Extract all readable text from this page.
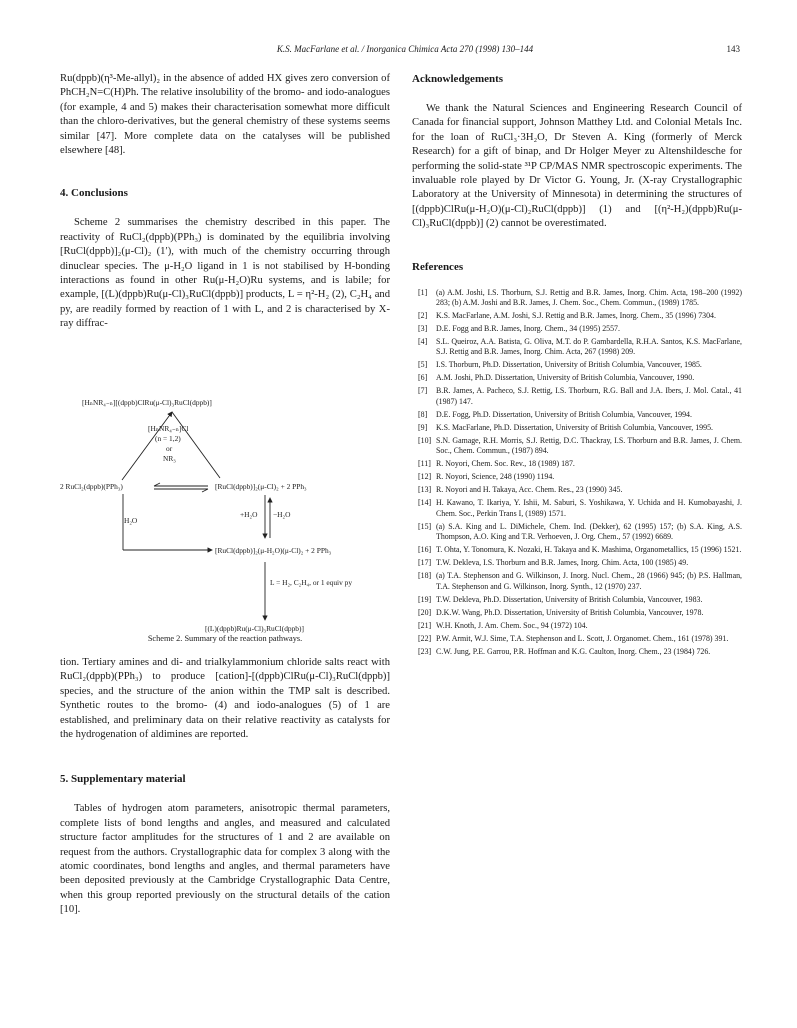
K.S. MacFarlane et al. / Inorganica Chimica Acta 270 (1998) 130–144	143

Ru(dppb)(η³-Me-allyl)₂ in the absence of added HX gives zero conversion of PhCH₂N=C(H)Ph. The relative insolubility of the bromo- and iodo-analogues (for example, 4 and 5) makes their characterisation somewhat more difficult than the chloro-derivatives, but the general chemistry of these systems seems similar [47]. More complete data on the catalyses will be published elsewhere [48].

4. Conclusions

Scheme 2 summarises the chemistry described in this paper. The reactivity of RuCl₂(dppb)(PPh₃) is dominated by the equilibria involving [RuCl(dppb)]₂(μ-Cl)₂ (1′), with much of the chemistry occurring through dinuclear species. The μ-H₂O ligand in 1 is not stabilised by H-bonding interactions as found in other Ru(μ-H₂O)Ru systems, and is labile; for example, [(L)(dppb)Ru(μ-Cl)₃RuCl(dppb)] products, L = η²-H₂ (2), C₂H₄ and py, are readily formed by reaction of 1 with L, and 2 is characterised by X-ray diffrac-

[HₙNR₄₋ₙ][(dppb)ClRu(μ-Cl)₃RuCl(dppb)]
[HₙNR₄₋ₙ]Cl
(n = 1,2)
or
NR₃
2 RuCl₂(dppb)(PPh₃)	[RuCl(dppb)]₂(μ-Cl)₂ + 2 PPh₃
H₂O
+H₂O −H₂O
[RuCl(dppb)]₂(μ-H₂O)(μ-Cl)₂ + 2 PPh₃
L = H₂, C₂H₄, or 1 equiv py
[(L)(dppb)Ru(μ-Cl)₃RuCl(dppb)]
Scheme 2. Summary of the reaction pathways.

tion. Tertiary amines and di- and trialkylammonium chloride salts react with RuCl₂(dppb)(PPh₃) to produce [cation]-[(dppb)ClRu(μ-Cl)₃RuCl(dppb)] species, and the structure of the anion within the TMP salt is described. Synthetic routes to the bromo- (4) and iodo-analogues (5) of 1 are established, and preliminary data on their relative reactivity as catalysts for the hydrogenation of aldimines are reported.

5. Supplementary material

Tables of hydrogen atom parameters, anisotropic thermal parameters, complete lists of bond lengths and angles, and measured and calculated structure factor amplitudes for the structures of 1 and 2 are available on request from the authors. Crystallographic data for complex 3 along with the atomic coordinates, bond lengths and angles, and thermal parameters have been deposited previously at the Cambridge Crystallographic Data Centre, when this group reported previously on the structural details of the cation [10].

Acknowledgements

We thank the Natural Sciences and Engineering Research Council of Canada for financial support, Johnson Matthey Ltd. and Colonial Metals Inc. for the loan of RuCl₃·3H₂O, Dr Steven A. King (formerly of Merck Research) for a gift of binap, and Dr Holger Meyer zu Altenshildesche for performing the solid-state ³¹P CP/MAS NMR spectroscopic experiments. The invaluable role played by Dr Victor G. Young, Jr. (X-ray Crystallographic Laboratory at the University of Minnesota) in determining the structures of [(dppb)ClRu(μ-H₂O)(μ-Cl)₂RuCl(dppb)] (1) and [(η²-H₂)(dppb)Ru(μ-Cl)₃RuCl(dppb)] (2) cannot be overestimated.

References
[1] (a) A.M. Joshi, I.S. Thorburn, S.J. Rettig and B.R. James, Inorg. Chim. Acta, 198–200 (1992) 283; (b) A.M. Joshi and B.R. James, J. Chem. Soc., Chem. Commun., (1989) 1785.
[2] K.S. MacFarlane, A.M. Joshi, S.J. Rettig and B.R. James, Inorg. Chem., 35 (1996) 7304.
[3] D.E. Fogg and B.R. James, Inorg. Chem., 34 (1995) 2557.
[4] S.L. Queiroz, A.A. Batista, G. Oliva, M.T. do P. Gambardella, R.H.A. Santos, K.S. MacFarlane, S.J. Rettig and B.R. James, Inorg. Chim. Acta, 267 (1998) 209.
[5] I.S. Thorburn, Ph.D. Dissertation, University of British Columbia, Vancouver, 1985.
[6] A.M. Joshi, Ph.D. Dissertation, University of British Columbia, Vancouver, 1990.
[7] B.R. James, A. Pacheco, S.J. Rettig, I.S. Thorburn, R.G. Ball and J.A. Ibers, J. Mol. Catal., 41 (1987) 147.
[8] D.E. Fogg, Ph.D. Dissertation, University of British Columbia, Vancouver, 1994.
[9] K.S. MacFarlane, Ph.D. Dissertation, University of British Columbia, Vancouver, 1995.
[10] S.N. Gamage, R.H. Morris, S.J. Rettig, D.C. Thackray, I.S. Thorburn and B.R. James, J. Chem. Soc., Chem. Commun., (1987) 894.
[11] R. Noyori, Chem. Soc. Rev., 18 (1989) 187.
[12] R. Noyori, Science, 248 (1990) 1194.
[13] R. Noyori and H. Takaya, Acc. Chem. Res., 23 (1990) 345.
[14] H. Kawano, T. Ikariya, Y. Ishii, M. Saburi, S. Yoshikawa, Y. Uchida and H. Kumobayashi, J. Chem. Soc., Perkin Trans I, (1989) 1571.
[15] (a) S.A. King and L. DiMichele, Chem. Ind. (Dekker), 62 (1995) 157; (b) S.A. King, A.S. Thompson, A.O. King and T.R. Verhoeven, J. Org. Chem., 57 (1992) 6689.
[16] T. Ohta, Y. Tonomura, K. Nozaki, H. Takaya and K. Mashima, Organometallics, 15 (1996) 1521.
[17] T.W. Dekleva, I.S. Thorburn and B.R. James, Inorg. Chim. Acta, 100 (1985) 49.
[18] (a) T.A. Stephenson and G. Wilkinson, J. Inorg. Nucl. Chem., 28 (1966) 945; (b) P.S. Hallman, T.A. Stephenson and G. Wilkinson, Inorg. Synth., 12 (1970) 237.
[19] T.W. Dekleva, Ph.D. Dissertation, University of British Columbia, Vancouver, 1983.
[20] D.K.W. Wang, Ph.D. Dissertation, University of British Columbia, Vancouver, 1978.
[21] W.H. Knoth, J. Am. Chem. Soc., 94 (1972) 104.
[22] P.W. Armit, W.J. Sime, T.A. Stephenson and L. Scott, J. Organomet. Chem., 161 (1978) 391.
[23] C.W. Jung, P.E. Garrou, P.R. Hoffman and K.G. Caulton, Inorg. Chem., 23 (1984) 726.
